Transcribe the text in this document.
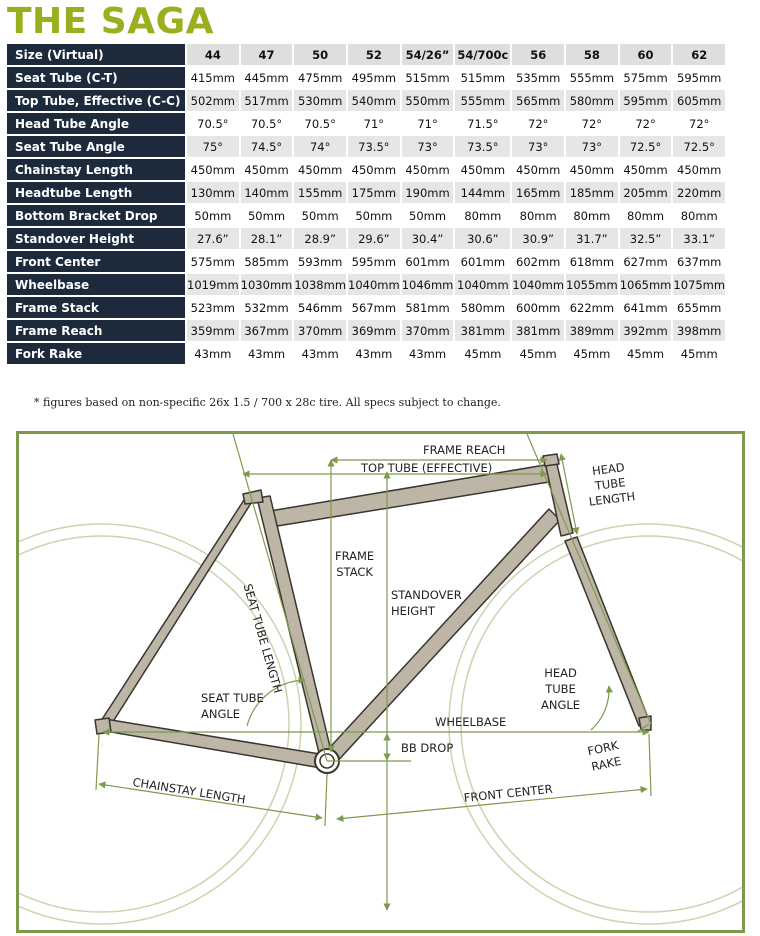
THE SAGA
Size (Virtual)	44	47	50	52	54/26”	54/700c	56	58	60	62
Seat Tube (C-T)	415mm	445mm	475mm	495mm	515mm	515mm	535mm	555mm	575mm	595mm
Top Tube, Effective (C-C)	502mm	517mm	530mm	540mm	550mm	555mm	565mm	580mm	595mm	605mm
Head Tube Angle	70.5°	70.5°	70.5°	71°	71°	71.5°	72°	72°	72°	72°
Seat Tube Angle	75°	74.5°	74°	73.5°	73°	73.5°	73°	73°	72.5°	72.5°
Chainstay Length	450mm	450mm	450mm	450mm	450mm	450mm	450mm	450mm	450mm	450mm
Headtube Length	130mm	140mm	155mm	175mm	190mm	144mm	165mm	185mm	205mm	220mm
Bottom Bracket Drop	50mm	50mm	50mm	50mm	50mm	80mm	80mm	80mm	80mm	80mm
Standover Height	27.6”	28.1”	28.9”	29.6”	30.4”	30.6”	30.9”	31.7”	32.5”	33.1”
Front Center	575mm	585mm	593mm	595mm	601mm	601mm	602mm	618mm	627mm	637mm
Wheelbase	1019mm	1030mm	1038mm	1040mm	1046mm	1040mm	1040mm	1055mm	1065mm	1075mm
Frame Stack	523mm	532mm	546mm	567mm	581mm	580mm	600mm	622mm	641mm	655mm
Frame Reach	359mm	367mm	370mm	369mm	370mm	381mm	381mm	389mm	392mm	398mm
Fork Rake	43mm	43mm	43mm	43mm	43mm	45mm	45mm	45mm	45mm	45mm
* figures based on non-specific 26x 1.5 / 700 x 28c tire. All specs subject to change.
FRAME REACH
TOP TUBE (EFFECTIVE)	HEAD
TUBE
LENGTH
SEAT TUBE LENGTH
FRAME
STACK
STANDOVER
HEIGHT
HEAD
TUBE
ANGLE
SEAT TUBE
ANGLE
WHEELBASE
BB DROP	FORK
RAKE
CHAINSTAY LENGTH	FRONT CENTER
